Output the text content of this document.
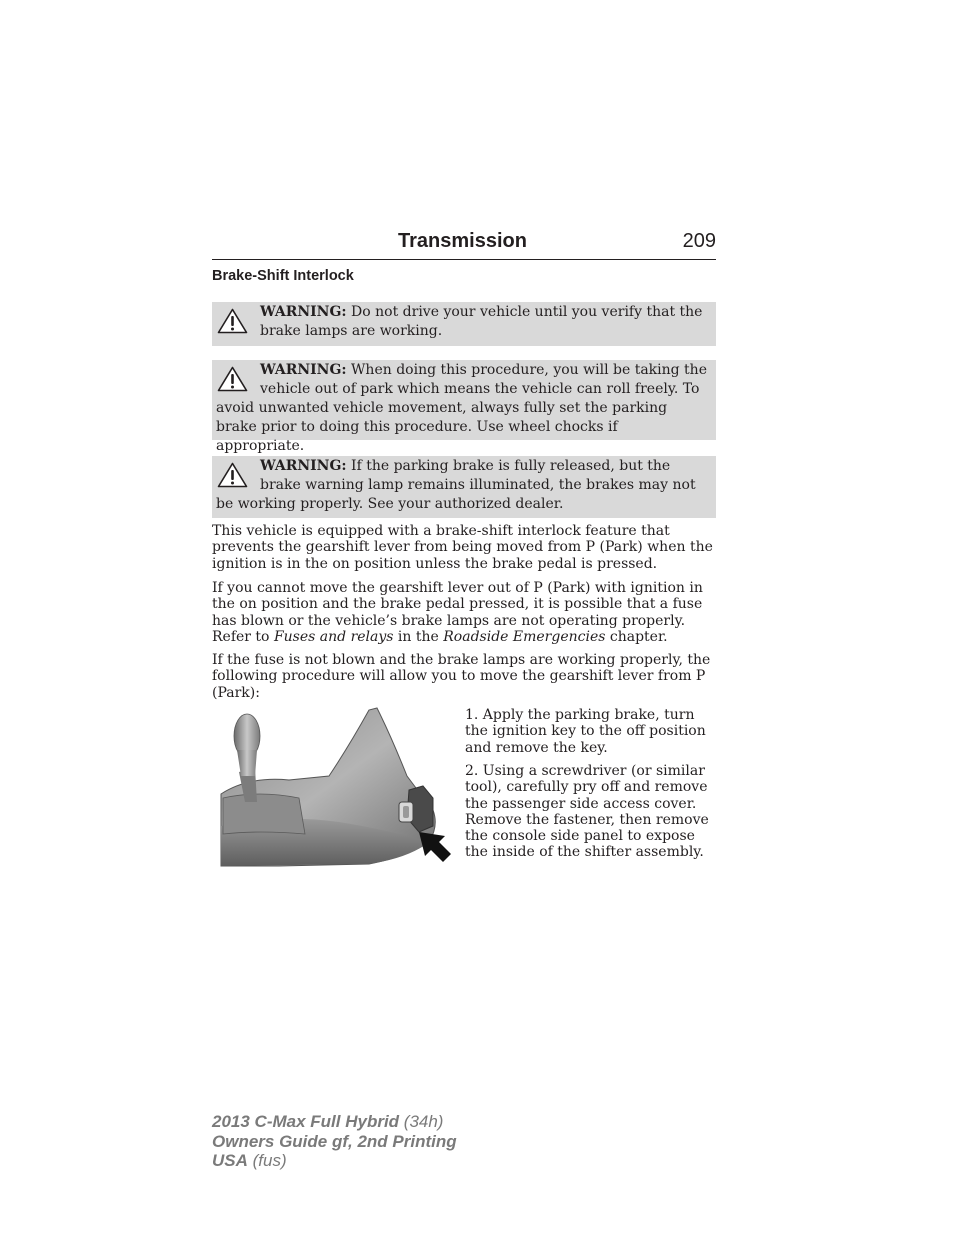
Transmission	209
Brake-Shift Interlock

WARNING: Do not drive your vehicle until you verify that the brake lamps are working.

WARNING: When doing this procedure, you will be taking the vehicle out of park which means the vehicle can roll freely. To avoid unwanted vehicle movement, always fully set the parking brake prior to doing this procedure. Use wheel chocks if appropriate.

WARNING: If the parking brake is fully released, but the brake warning lamp remains illuminated, the brakes may not be working properly. See your authorized dealer.

This vehicle is equipped with a brake-shift interlock feature that prevents the gearshift lever from being moved from P (Park) when the ignition is in the on position unless the brake pedal is pressed.

If you cannot move the gearshift lever out of P (Park) with ignition in the on position and the brake pedal pressed, it is possible that a fuse has blown or the vehicle’s brake lamps are not operating properly. Refer to Fuses and relays in the Roadside Emergencies chapter.

If the fuse is not blown and the brake lamps are working properly, the following procedure will allow you to move the gearshift lever from P (Park):

1. Apply the parking brake, turn the ignition key to the off position and remove the key.

2. Using a screwdriver (or similar tool), carefully pry off and remove the passenger side access cover. Remove the fastener, then remove the console side panel to expose the inside of the shifter assembly.

2013 C-Max Full Hybrid (34h)
Owners Guide gf, 2nd Printing
USA (fus)
